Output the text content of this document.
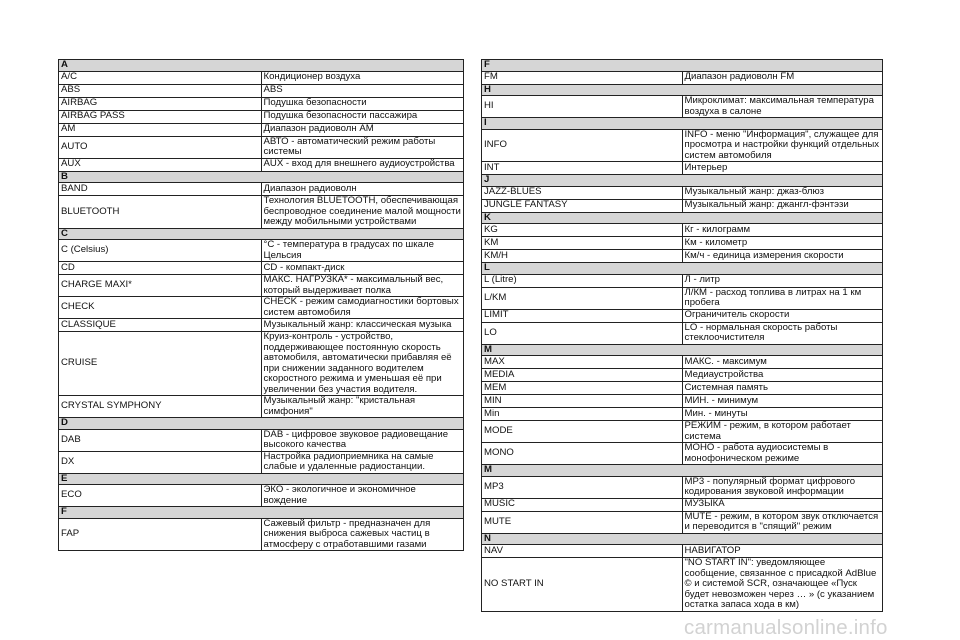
A	
A/C	Кондиционер воздуха
ABS	ABS
AIRBAG	Подушка безопасности
AIRBAG PASS	Подушка безопасности пассажира
AM	Диапазон радиоволн AM
AUTO	АВТО - автоматический режим работы системы
AUX	AUX - вход для внешнего аудиоустройства
B	
BAND	Диапазон радиоволн
BLUETOOTH	Технология BLUETOOTH, обеспечивающая беспроводное соединение малой мощности между мобильными устройствами
C	
C (Celsius)	°C - температура в градусах по шкале Цельсия
CD	CD - компакт-диск
CHARGE MAXI*	МАКС. НАГРУЗКА* - максимальный вес, который выдерживает полка
CHECK	CHECK - режим самодиагностики бортовых систем автомобиля
CLASSIQUE	Музыкальный жанр: классическая музыка
CRUISE	Круиз-контроль - устройство, поддерживающее постоянную скорость автомобиля, автоматически прибавляя её при снижении заданного водителем скоростного режима и уменьшая её при увеличении без участия водителя.
CRYSTAL SYMPHONY	Музыкальный жанр: "кристальная симфония"
D	
DAB	DAB - цифровое звуковое радиовещание высокого качества
DX	Настройка радиоприемника на самые слабые и удаленные радиостанции.
E	
ECO	ЭКО - экологичное и экономичное вождение
F	
FAP	Сажевый фильтр - предназначен для снижения выброса сажевых частиц в атмосферу с отработавшими газами
F	
FM	Диапазон радиоволн FM
H	
HI	Микроклимат: максимальная температура воздуха в салоне
I	
INFO	INFO - меню "Информация", служащее для просмотра и настройки функций отдельных систем автомобиля
INT	Интерьер
J	
JAZZ-BLUES	Музыкальный жанр: джаз-блюз
JUNGLE FANTASY	Музыкальный жанр: джангл-фэнтэзи
K	
KG	Кг - килограмм
KM	Км - километр
KM/H	Км/ч - единица измерения скорости
L	
L (Litre)	Л - литр
L/KM	Л/КМ - расход топлива в литрах на 1 км пробега
LIMIT	Ограничитель скорости
LO	LO - нормальная скорость работы стеклоочистителя
M	
MAX	МАКС. - максимум
MEDIA	Медиаустройства
MEM	Системная память
MIN	МИН. - минимум
Min	Мин. - минуты
MODE	РЕЖИМ - режим, в котором работает система
MONO	МОНО - работа аудиосистемы в монофоническом режиме
M	
MP3	MP3 - популярный формат цифрового кодирования звуковой информации
MUSIC	МУЗЫКА
MUTE	MUTE - режим, в котором звук отключается и переводится в "спящий" режим
N	
NAV	НАВИГАТОР
NO START IN	"NO START IN": уведомляющее сообщение, связанное с присадкой AdBlue © и системой SCR, означающее «Пуск будет невозможен через … » (с указанием остатка запаса хода в км)
carmanualsonline.info
